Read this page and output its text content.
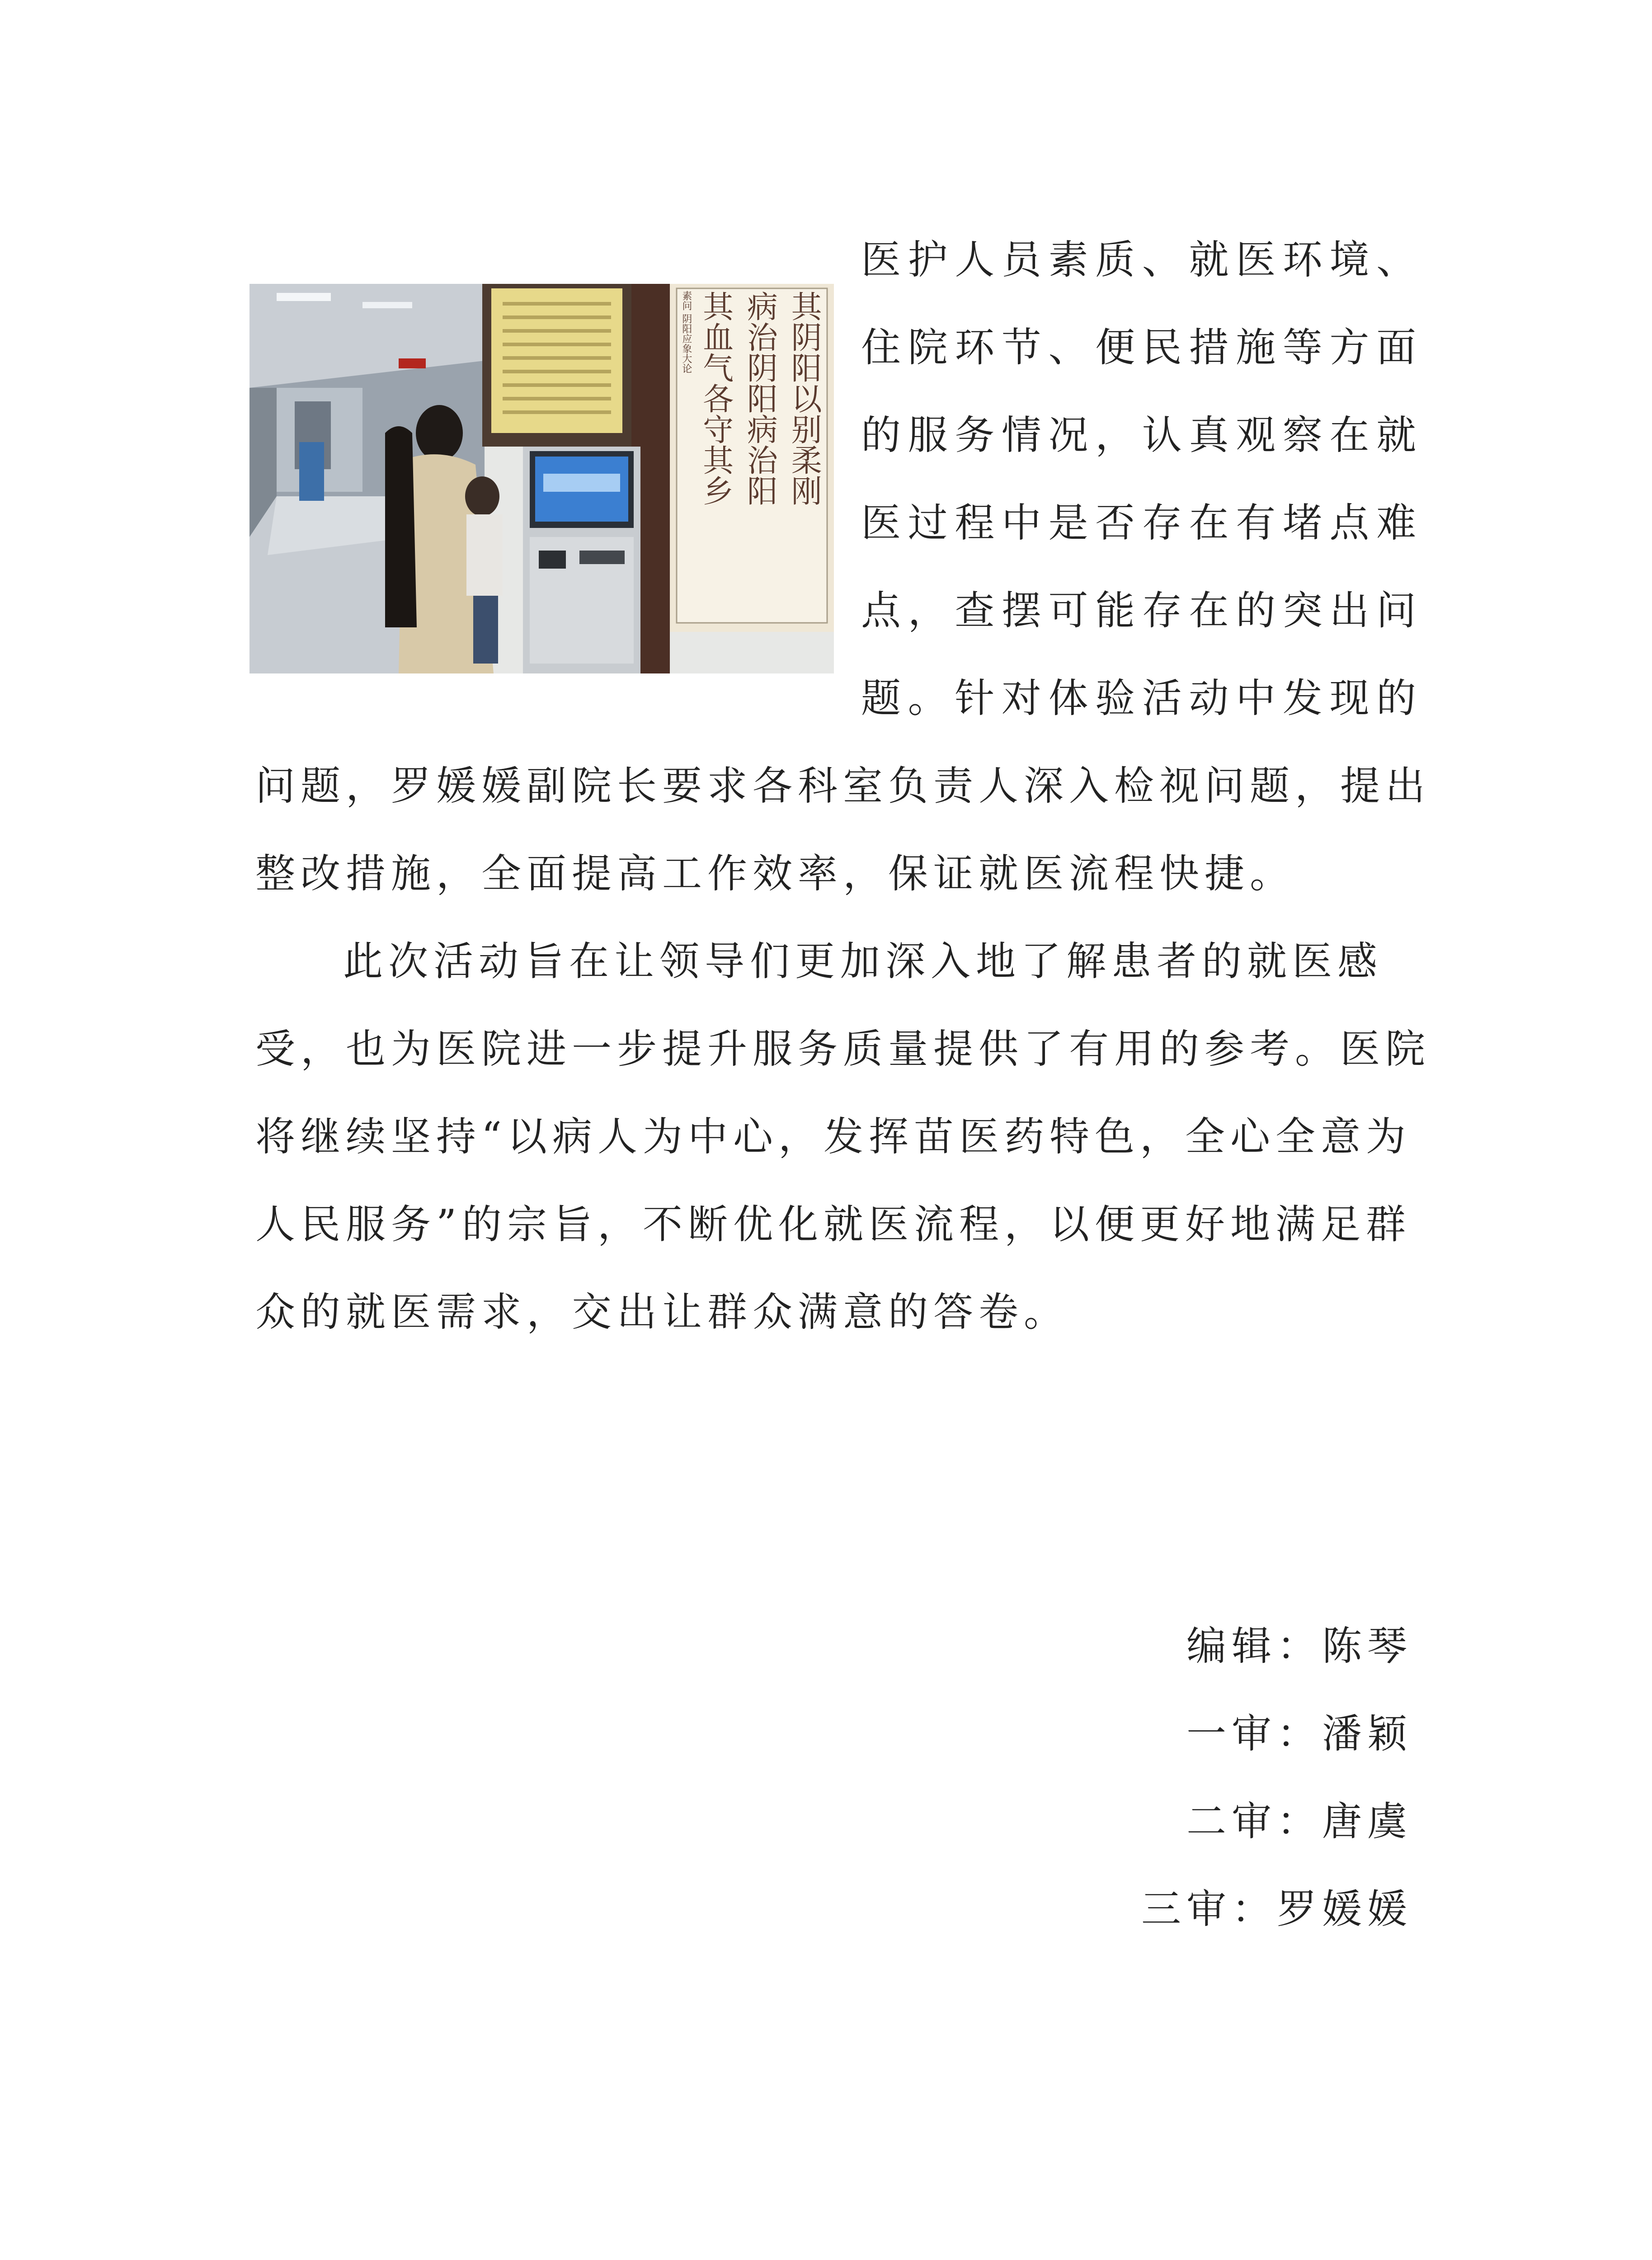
其阴阳以别柔刚
病治阴阳病治阳
其血气各守其乡
素问 阴阳应象大论
医护人员素质、就医环境、
住院环节、便民措施等方面
的服务情况，认真观察在就
医过程中是否存在有堵点难
点，查摆可能存在的突出问
题。针对体验活动中发现的
问题，罗媛媛副院长要求各科室负责人深入检视问题，提出
整改措施，全面提高工作效率，保证就医流程快捷。
此次活动旨在让领导们更加深入地了解患者的就医感
受，也为医院进一步提升服务质量提供了有用的参考。医院
将继续坚持“以病人为中心，发挥苗医药特色，全心全意为
人民服务”的宗旨，不断优化就医流程，以便更好地满足群
众的就医需求，交出让群众满意的答卷。
编辑：陈琴
一审：潘颖
二审：唐虞
三审：罗媛媛
